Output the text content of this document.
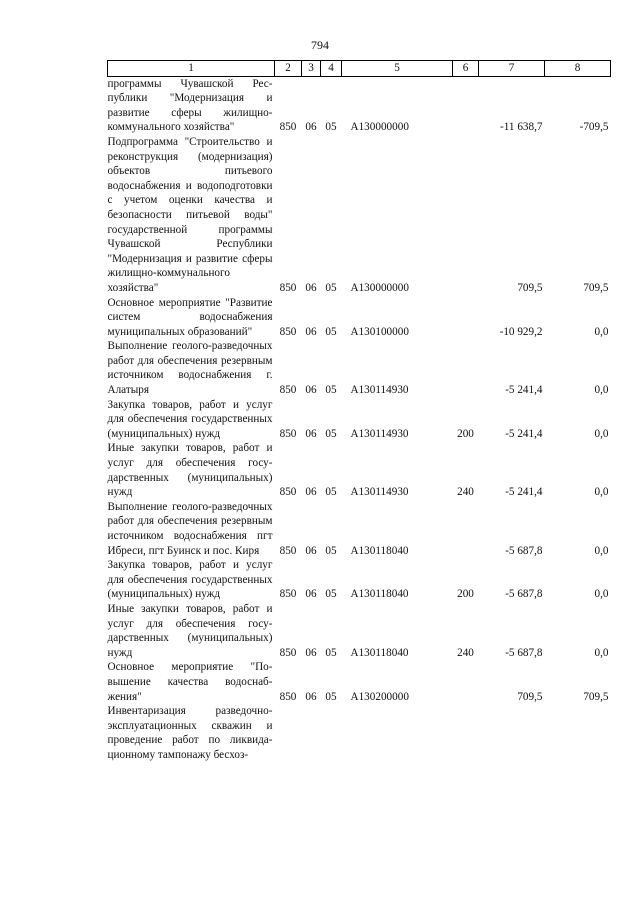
794
1	2	3	4	5	6	7	8
программы Чувашской Республики "Модернизация и развитие сферы жилищно-коммунального хозяйства"	850	06	05	А130000000		-11 638,7	-709,5
Подпрограмма "Строительство и реконструкция (модернизация) объектов питьевого водоснабжения и водоподготовки с учетом оценки качества и безопасности питьевой воды" государственной программы Чувашской Республики "Модернизация и развитие сферы жилищно-коммунального хозяйства"	850	06	05	А130000000		709,5	709,5
Основное мероприятие "Развитие систем водоснабжения муниципальных образований"	850	06	05	А130100000		-10 929,2	0,0
Выполнение геолого-разведочных работ для обеспечения резервным источником водоснабжения г. Алатыря	850	06	05	А130114930		-5 241,4	0,0
Закупка товаров, работ и услуг для обеспечения государственных (муниципальных) нужд	850	06	05	А130114930	200	-5 241,4	0,0
Иные закупки товаров, работ и услуг для обеспечения государственных (муниципальных) нужд	850	06	05	А130114930	240	-5 241,4	0,0
Выполнение геолого-разведочных работ для обеспечения резервным источником водоснабжения пгт Ибреси, пгт Буинск и пос. Киря	850	06	05	А130118040		-5 687,8	0,0
Закупка товаров, работ и услуг для обеспечения государственных (муниципальных) нужд	850	06	05	А130118040	200	-5 687,8	0,0
Иные закупки товаров, работ и услуг для обеспечения государственных (муниципальных) нужд	850	06	05	А130118040	240	-5 687,8	0,0
Основное мероприятие "Повышение качества водоснабжения"	850	06	05	А130200000		709,5	709,5
Инвентаризация разведочно-эксплуатационных скважин и проведение работ по ликвидационному тампонажу бесхоз-							
